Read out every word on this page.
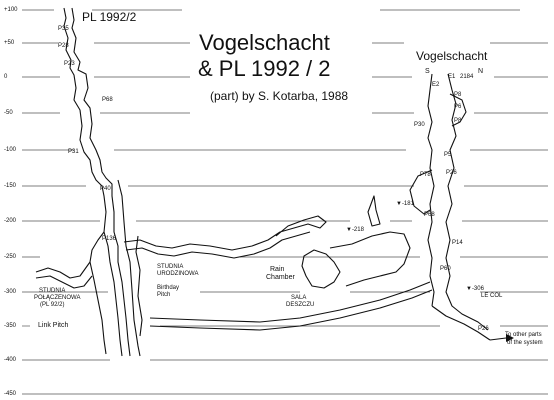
+100
+50
0
-50
-100
-150
-200
-250
-300
-350
-400
-450
Vogelschacht
& PL 1992 / 2
(part) by S. Kotarba, 1988
PL 1992/2
Vogelschacht
S	N
P35
P28
P23
P68
P31
P40
P136
E2
E1 2184
P8
P6
P30
P8
P5
P26
P78
P68
P14
P60
P26
▼-181
▼-218
▼-306
STUDNIA
URODZINOWA
Birthday
Pitch
STUDNIA
POŁĄCZENOWA
(PL 92/2)
Link Pitch
Rain
Chamber
SALA
DESZCZU
LE COL
To other parts
of the system
